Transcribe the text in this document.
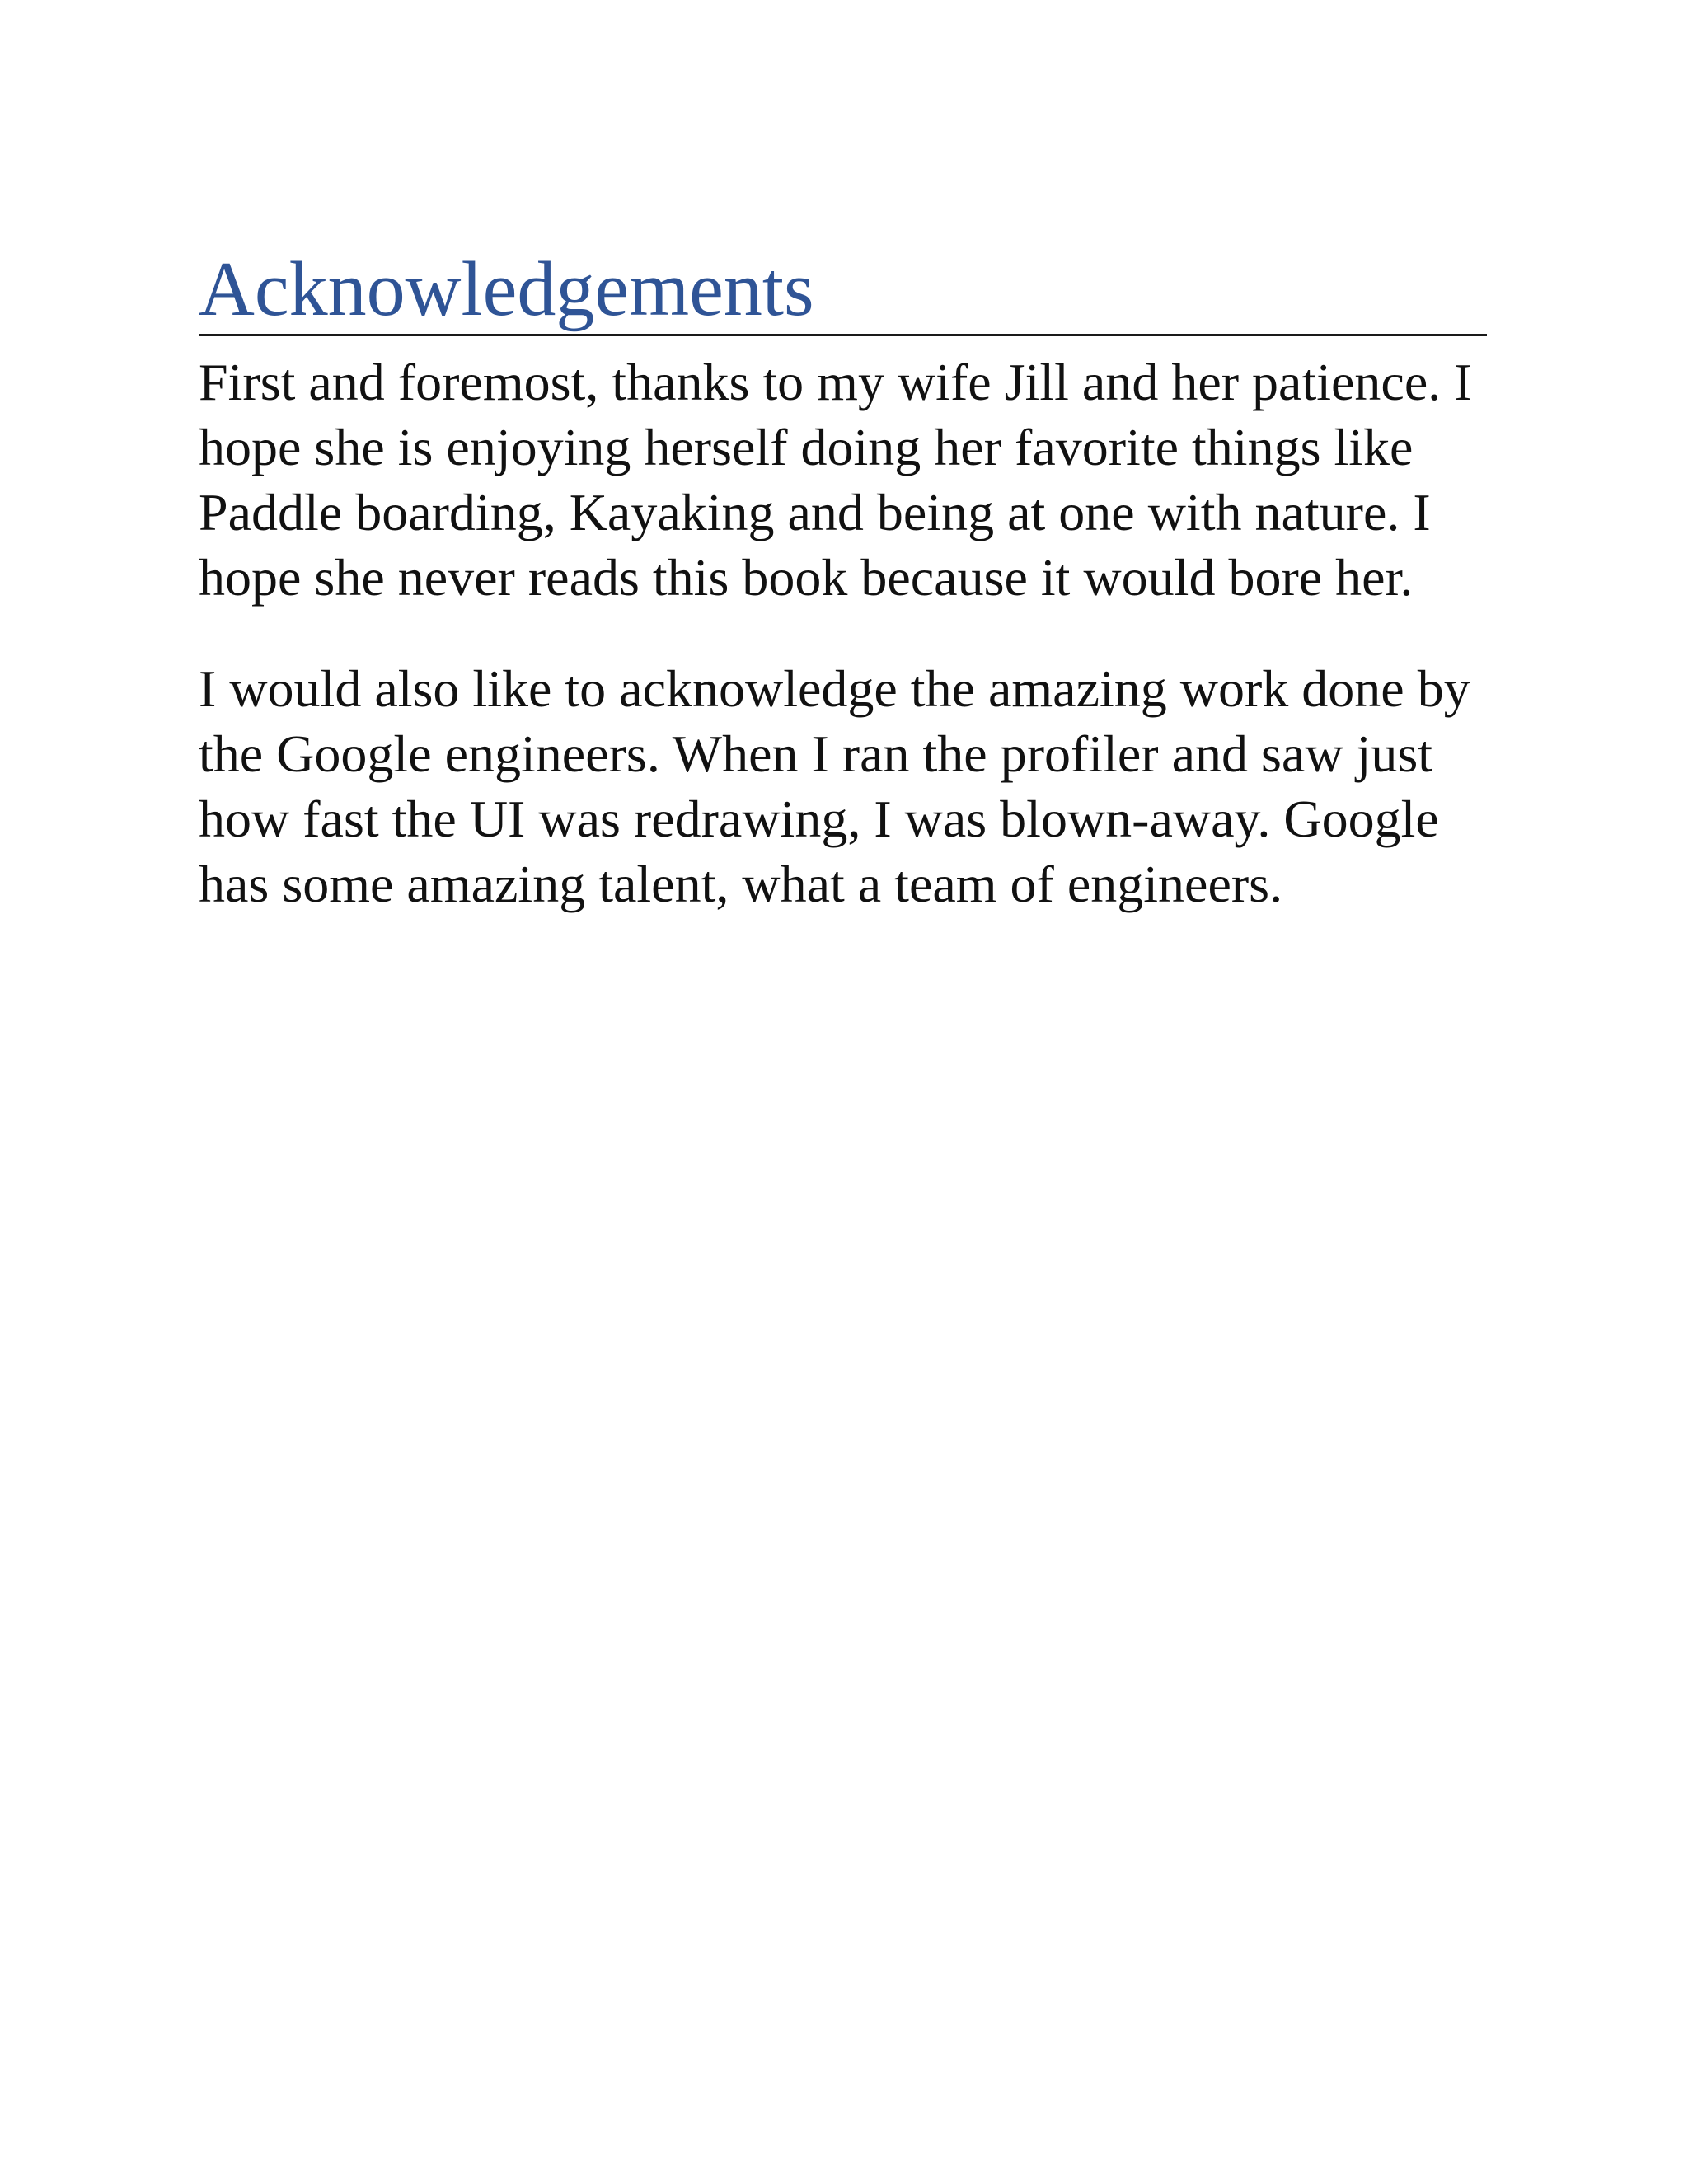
Acknowledgements

First and foremost, thanks to my wife Jill and her patience. I hope she is enjoying herself doing her favorite things like Paddle boarding, Kayaking and being at one with nature. I hope she never reads this book because it would bore her.

I would also like to acknowledge the amazing work done by the Google engineers. When I ran the profiler and saw just how fast the UI was redrawing, I was blown-away. Google has some amazing talent, what a team of engineers.
